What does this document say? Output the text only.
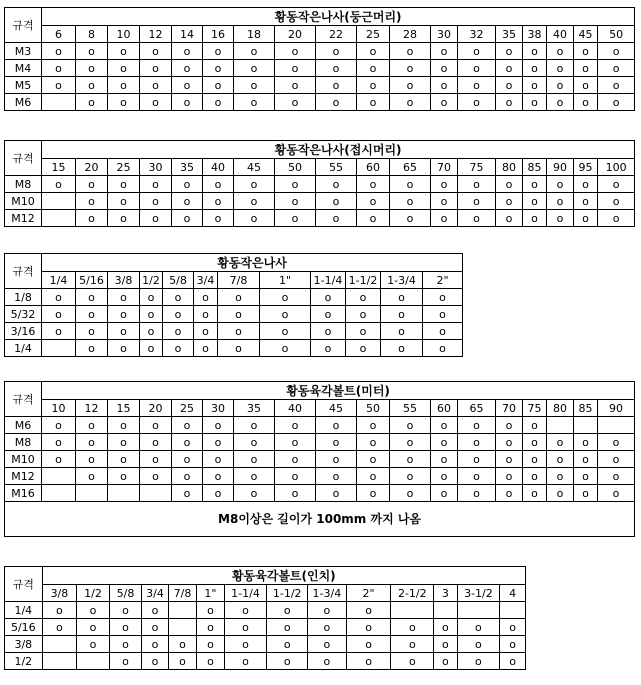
규격	황동작은나사(둥근머리)																	
	6	8	10	12	14	16	18	20	22	25	28	30	32	35	38	40	45	50
M3	o	o	o	o	o	o	o	o	o	o	o	o	o	o	o	o	o	o
M4	o	o	o	o	o	o	o	o	o	o	o	o	o	o	o	o	o	o
M5	o	o	o	o	o	o	o	o	o	o	o	o	o	o	o	o	o	o
M6		o	o	o	o	o	o	o	o	o	o	o	o	o	o	o	o	o
규격	황동작은나사(접시머리)																	
	15	20	25	30	35	40	45	50	55	60	65	70	75	80	85	90	95	100
M8	o	o	o	o	o	o	o	o	o	o	o	o	o	o	o	o	o	o
M10		o	o	o	o	o	o	o	o	o	o	o	o	o	o	o	o	o
M12		o	o	o	o	o	o	o	o	o	o	o	o	o	o	o	o	o
규격	황동작은나사											
	1/4	5/16	3/8	1/2	5/8	3/4	7/8	1"	1-1/4	1-1/2	1-3/4	2"
1/8	o	o	o	o	o	o	o	o	o	o	o	o
5/32	o	o	o	o	o	o	o	o	o	o	o	o
3/16	o	o	o	o	o	o	o	o	o	o	o	o
1/4		o	o	o	o	o	o	o	o	o	o	o
규격	황동육각볼트(미터)																	
	10	12	15	20	25	30	35	40	45	50	55	60	65	70	75	80	85	90
M6	o	o	o	o	o	o	o	o	o	o	o	o	o	o	o			
M8	o	o	o	o	o	o	o	o	o	o	o	o	o	o	o	o	o	o
M10	o	o	o	o	o	o	o	o	o	o	o	o	o	o	o	o	o	o
M12		o	o	o	o	o	o	o	o	o	o	o	o	o	o	o	o	o
M16					o	o	o	o	o	o	o	o	o	o	o	o	o	o
M8이상은 길이가 100mm 까지 나옴																		
규격	황동육각볼트(인치)													
	3/8	1/2	5/8	3/4	7/8	1"	1-1/4	1-1/2	1-3/4	2"	2-1/2	3	3-1/2	4
1/4	o	o	o	o		o	o	o	o	o				
5/16	o	o	o	o		o	o	o	o	o	o	o	o	o
3/8		o	o	o	o	o	o	o	o	o	o	o	o	o
1/2			o	o	o	o	o	o	o	o	o	o	o	o
